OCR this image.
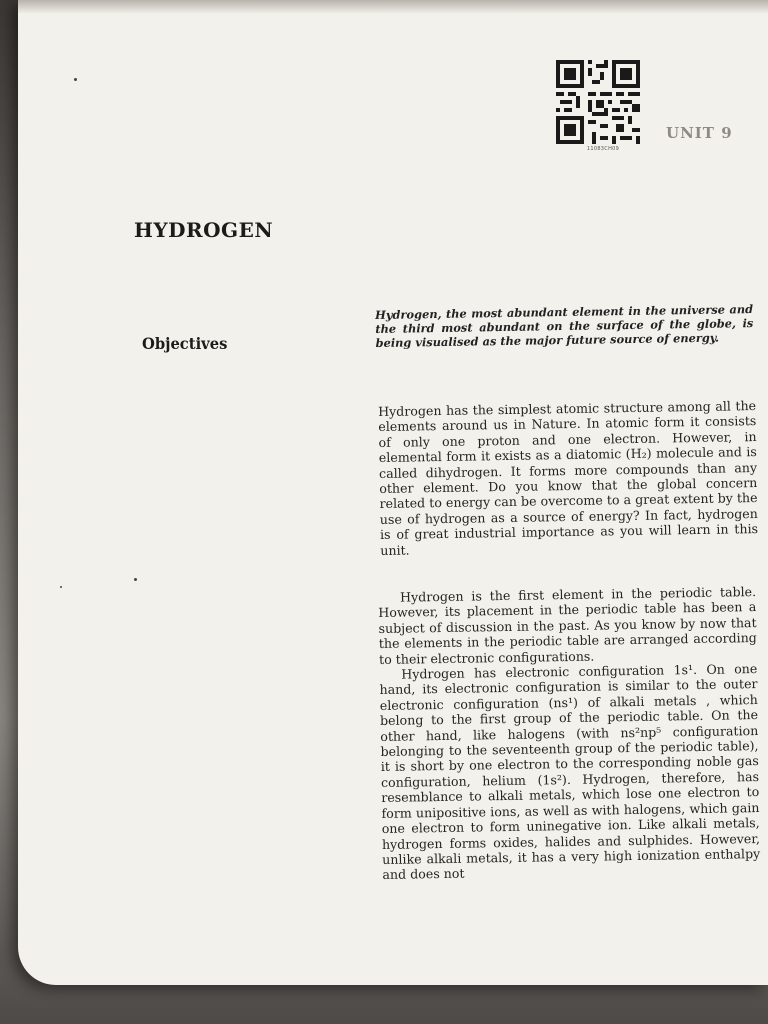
11083CH09
UNIT 9
HYDROGEN
Objectives
Hydrogen, the most abundant element in the universe and the third most abundant on the surface of the globe, is being visualised as the major future source of energy.

Hydrogen has the simplest atomic structure among all the elements around us in Nature. In atomic form it consists of only one proton and one electron. However, in elemental form it exists as a diatomic (H₂) molecule and is called dihydrogen. It forms more compounds than any other element. Do you know that the global concern related to energy can be overcome to a great extent by the use of hydrogen as a source of energy? In fact, hydrogen is of great industrial importance as you will learn in this unit.

Hydrogen is the first element in the periodic table. However, its placement in the periodic table has been a subject of discussion in the past. As you know by now that the elements in the periodic table are arranged according to their electronic configurations.

Hydrogen has electronic configuration 1s¹. On one hand, its electronic configuration is similar to the outer electronic configuration (ns¹) of alkali metals , which belong to the first group of the periodic table. On the other hand, like halogens (with ns²np⁵ configuration belonging to the seventeenth group of the periodic table), it is short by one electron to the corresponding noble gas configuration, helium (1s²). Hydrogen, therefore, has resemblance to alkali metals, which lose one electron to form unipositive ions, as well as with halogens, which gain one electron to form uninegative ion. Like alkali metals, hydrogen forms oxides, halides and sulphides. However, unlike alkali metals, it has a very high ionization enthalpy and does not
